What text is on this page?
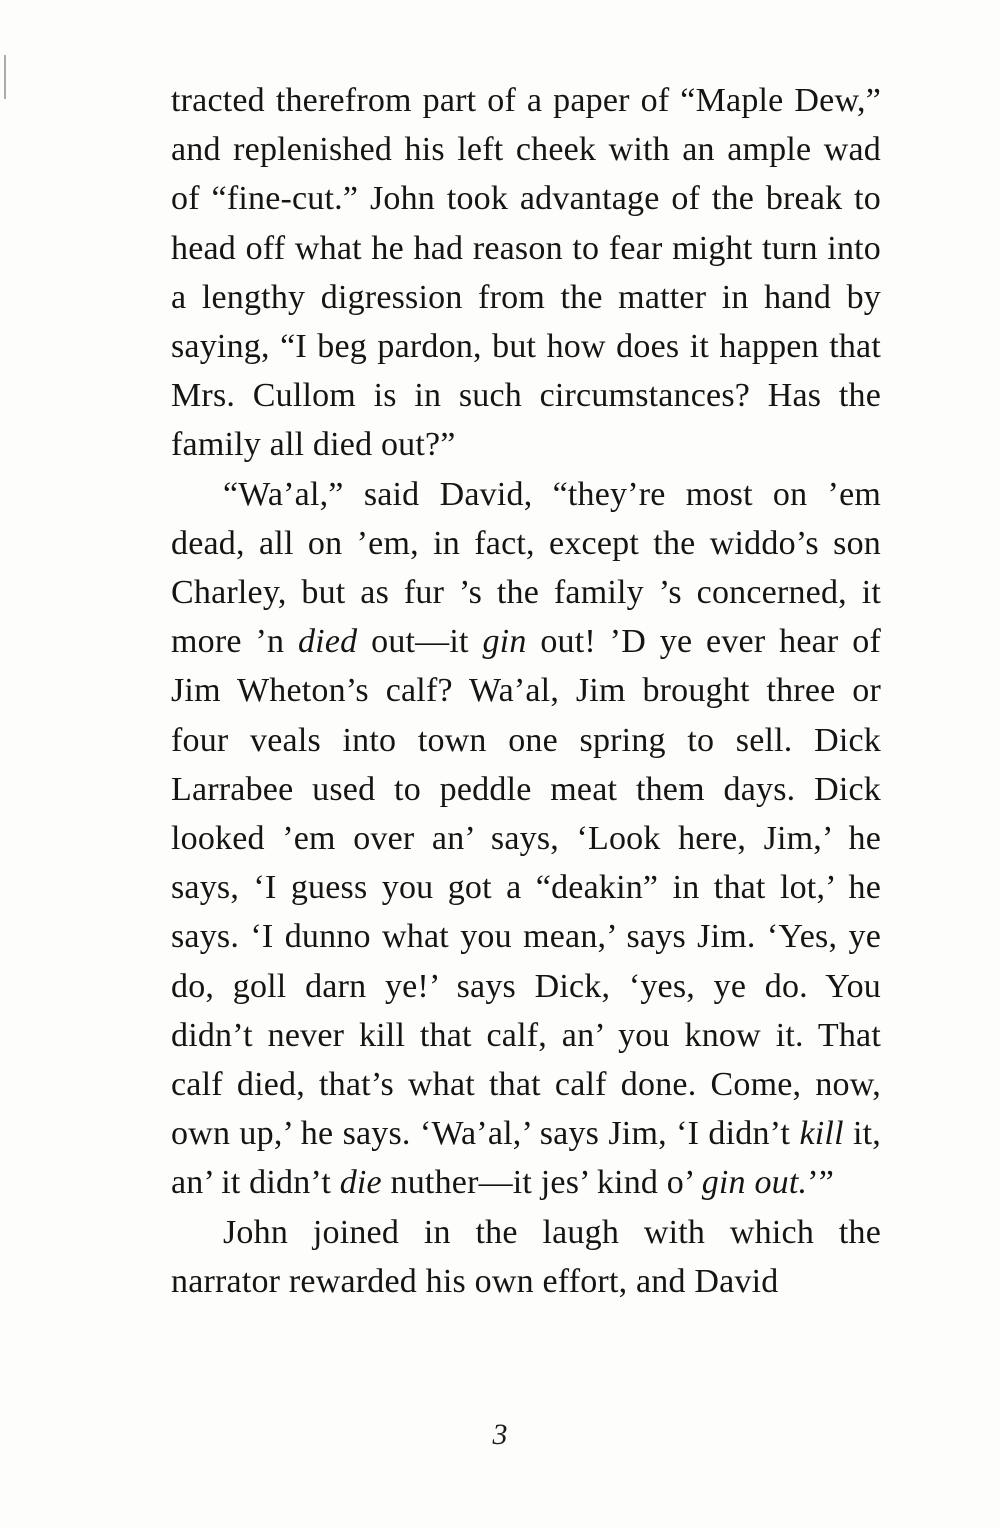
tracted therefrom part of a paper of “Maple Dew,” and replenished his left cheek with an ample wad of “fine-cut.” John took advantage of the break to head off what he had reason to fear might turn into a lengthy digression from the matter in hand by saying, “I beg pardon, but how does it happen that Mrs. Cullom is in such circumstances? Has the family all died out?”

“Wa’al,” said David, “they’re most on ’em dead, all on ’em, in fact, except the widdo’s son Charley, but as fur ’s the family ’s concerned, it more ’n died out—it gin out! ’D ye ever hear of Jim Wheton’s calf? Wa’al, Jim brought three or four veals into town one spring to sell. Dick Larrabee used to peddle meat them days. Dick looked ’em over an’ says, ‘Look here, Jim,’ he says, ‘I guess you got a “deakin” in that lot,’ he says. ‘I dunno what you mean,’ says Jim. ‘Yes, ye do, goll darn ye!’ says Dick, ‘yes, ye do. You didn’t never kill that calf, an’ you know it. That calf died, that’s what that calf done. Come, now, own up,’ he says. ‘Wa’al,’ says Jim, ‘I didn’t kill it, an’ it didn’t die nuther—it jes’ kind o’ gin out.’”

John joined in the laugh with which the narrator rewarded his own effort, and David

3
